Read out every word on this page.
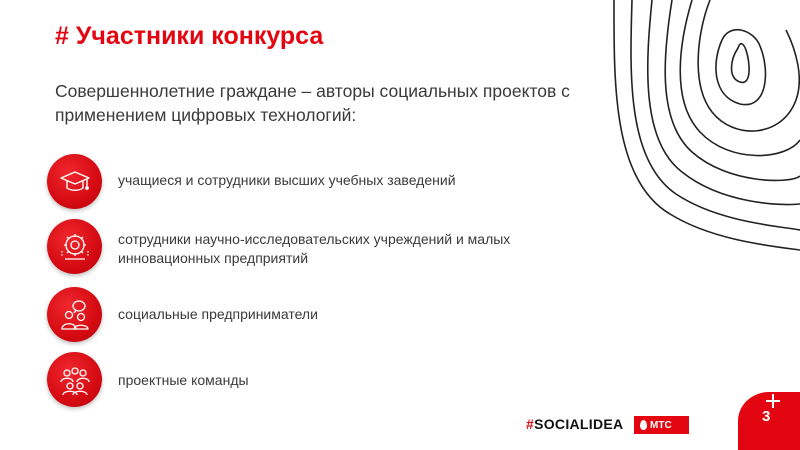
# Участники конкурса
Совершеннолетние граждане – авторы социальных проектов с применением цифровых технологий:
учащиеся и сотрудники высших учебных заведений
сотрудники научно-исследовательских учреждений и малых инновационных предприятий
социальные предприниматели
проектные команды
#SOCIALIDEA	МТС	3
